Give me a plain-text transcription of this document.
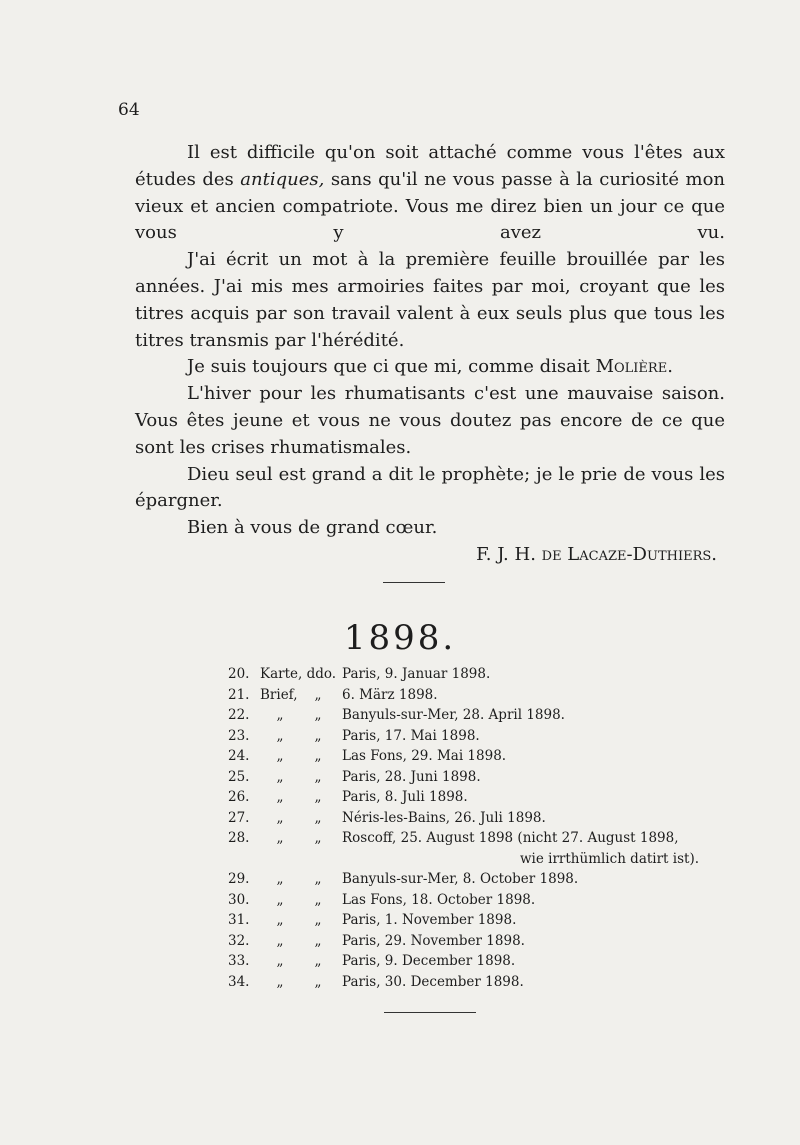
64

Il est difficile qu'on soit attaché comme vous l'êtes aux études des antiques, sans qu'il ne vous passe à la curiosité mon vieux et ancien compatriote. Vous me direz bien un jour ce que vous y avez vu.

J'ai écrit un mot à la première feuille brouillée par les années. J'ai mis mes armoiries faites par moi, croyant que les titres acquis par son travail valent à eux seuls plus que tous les titres transmis par l'hérédité.

Je suis toujours que ci que mi, comme disait Molière.

L'hiver pour les rhumatisants c'est une mauvaise saison. Vous êtes jeune et vous ne vous doutez pas encore de ce que sont les crises rhumatismales.

Dieu seul est grand a dit le prophète; je le prie de vous les épargner.

Bien à vous de grand cœur.

F. J. H. de Lacaze-Duthiers.
1898.
20. Karte, ddo. Paris, 9. Januar 1898.
21. Brief,	„	6. März 1898.
22.	„	„	Banyuls-sur-Mer, 28. April 1898.
23.	„	„	Paris, 17. Mai 1898.
24.	„	„	Las Fons, 29. Mai 1898.
25.	„	„	Paris, 28. Juni 1898.
26.	„	„	Paris, 8. Juli 1898.
27.	„	„	Néris-les-Bains, 26. Juli 1898.
28.	„	„	Roscoff, 25. August 1898 (nicht 27. August 1898,
wie irrthümlich datirt ist).
29.	„	„	Banyuls-sur-Mer, 8. October 1898.
30.	„	„	Las Fons, 18. October 1898.
31.	„	„	Paris, 1. November 1898.
32.	„	„	Paris, 29. November 1898.
33.	„	„	Paris, 9. December 1898.
34.	„	„	Paris, 30. December 1898.
